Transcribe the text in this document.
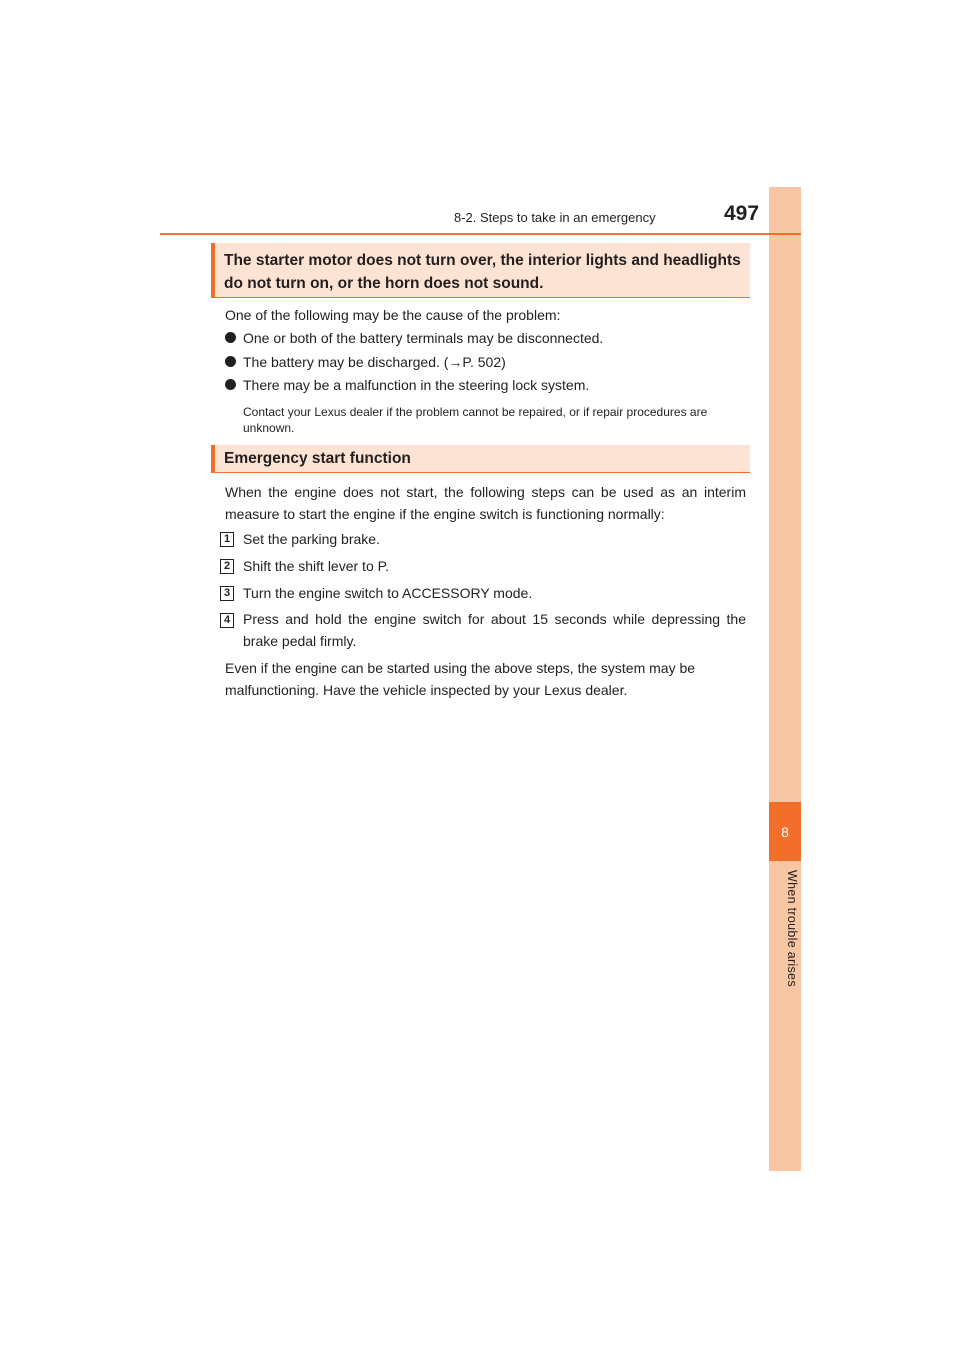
8
When trouble arises
8-2. Steps to take in an emergency	497
The starter motor does not turn over, the interior lights and headlights
do not turn on, or the horn does not sound.
One of the following may be the cause of the problem:
One or both of the battery terminals may be disconnected.
The battery may be discharged. (→P. 502)
There may be a malfunction in the steering lock system.
Contact your Lexus dealer if the problem cannot be repaired, or if repair procedures are unknown.
Emergency start function
When the engine does not start, the following steps can be used as an interim measure to start the engine if the engine switch is functioning normally:
1 Set the parking brake.
2 Shift the shift lever to P.
3 Turn the engine switch to ACCESSORY mode.
4 Press and hold the engine switch for about 15 seconds while depressing the brake pedal firmly.
Even if the engine can be started using the above steps, the system may be malfunctioning. Have the vehicle inspected by your Lexus dealer.
